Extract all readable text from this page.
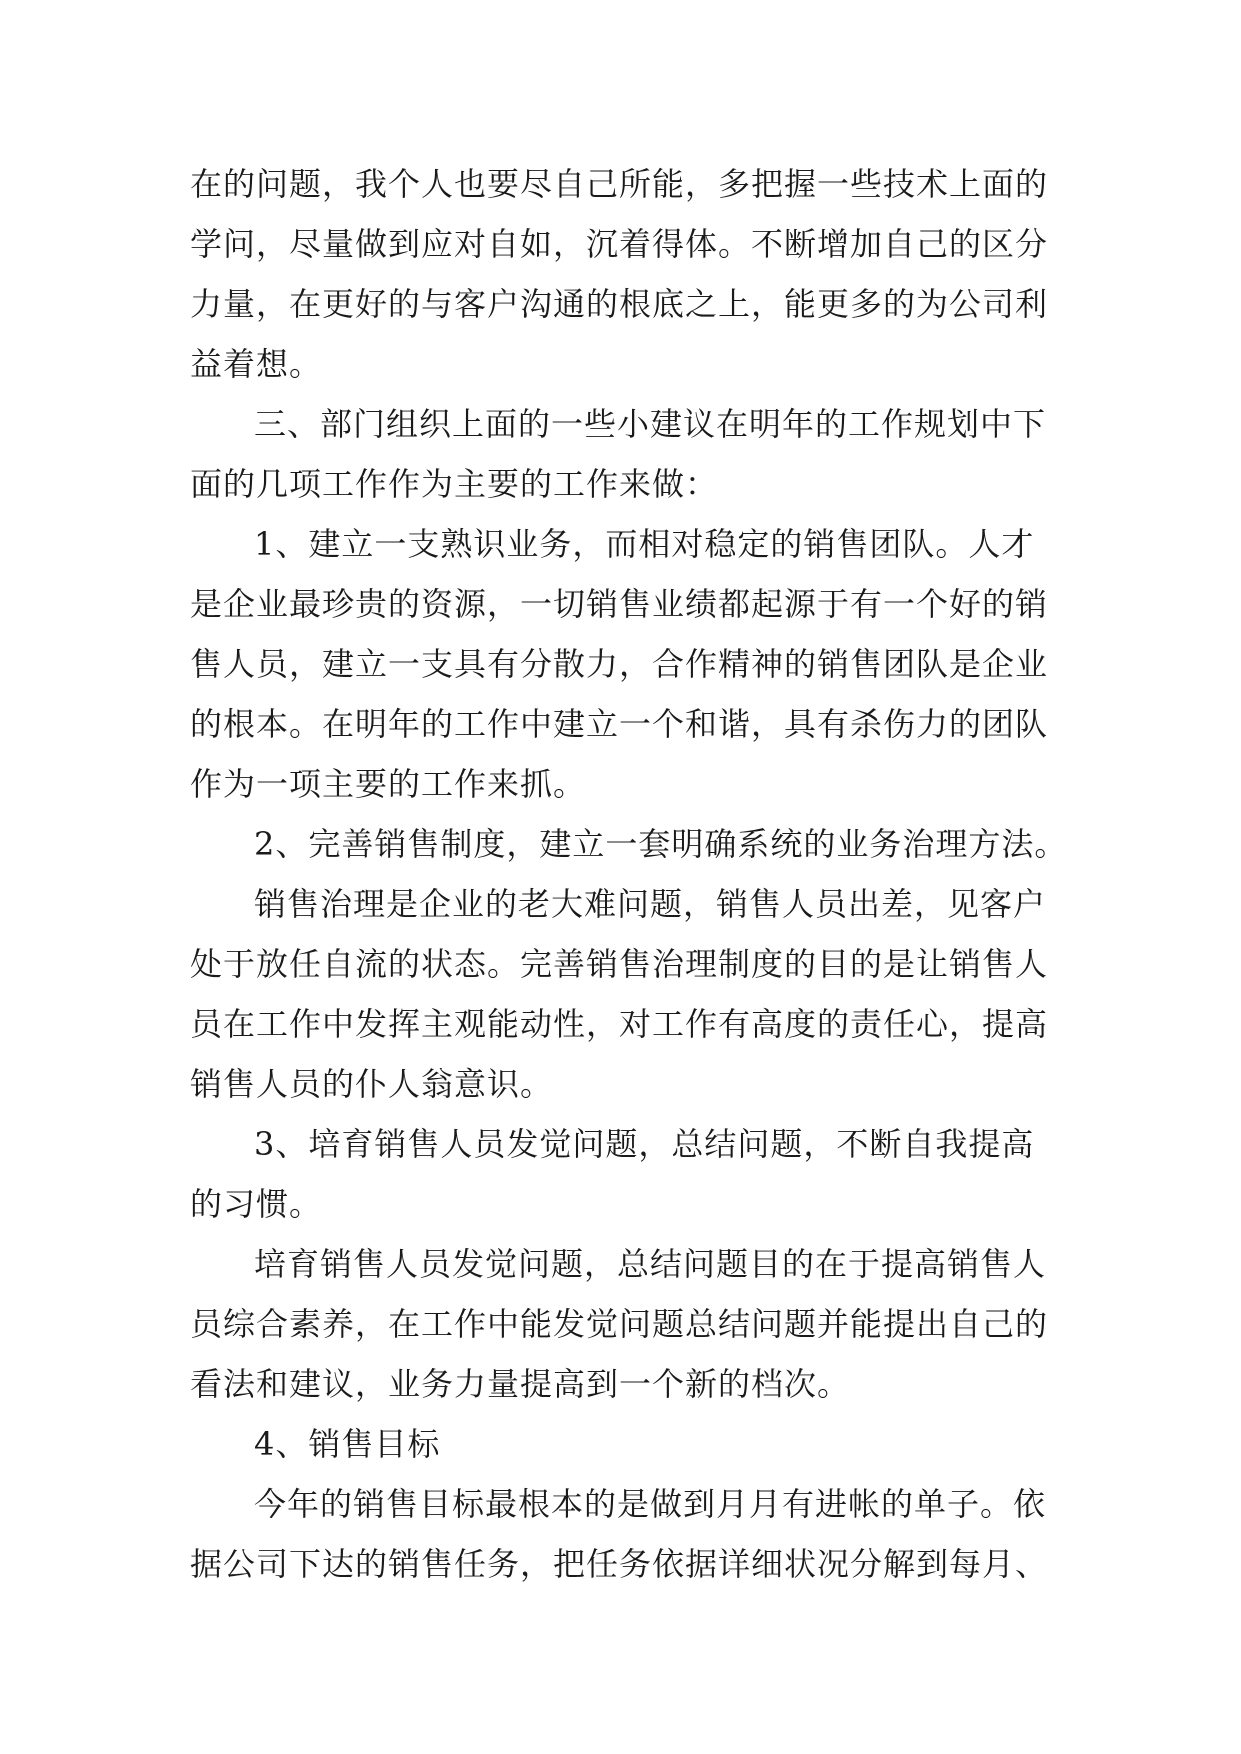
在的问题，我个人也要尽自己所能，多把握一些技术上面的
学问，尽量做到应对自如，沉着得体。不断增加自己的区分
力量，在更好的与客户沟通的根底之上，能更多的为公司利
益着想。
三、部门组织上面的一些小建议在明年的工作规划中下
面的几项工作作为主要的工作来做：
1、建立一支熟识业务，而相对稳定的销售团队。人才
是企业最珍贵的资源，一切销售业绩都起源于有一个好的销
售人员，建立一支具有分散力，合作精神的销售团队是企业
的根本。在明年的工作中建立一个和谐，具有杀伤力的团队
作为一项主要的工作来抓。
2、完善销售制度，建立一套明确系统的业务治理方法。
销售治理是企业的老大难问题，销售人员出差，见客户
处于放任自流的状态。完善销售治理制度的目的是让销售人
员在工作中发挥主观能动性，对工作有高度的责任心，提高
销售人员的仆人翁意识。
3、培育销售人员发觉问题，总结问题，不断自我提高
的习惯。
培育销售人员发觉问题，总结问题目的在于提高销售人
员综合素养，在工作中能发觉问题总结问题并能提出自己的
看法和建议，业务力量提高到一个新的档次。
4、销售目标
今年的销售目标最根本的是做到月月有进帐的单子。依
据公司下达的销售任务，把任务依据详细状况分解到每月、
